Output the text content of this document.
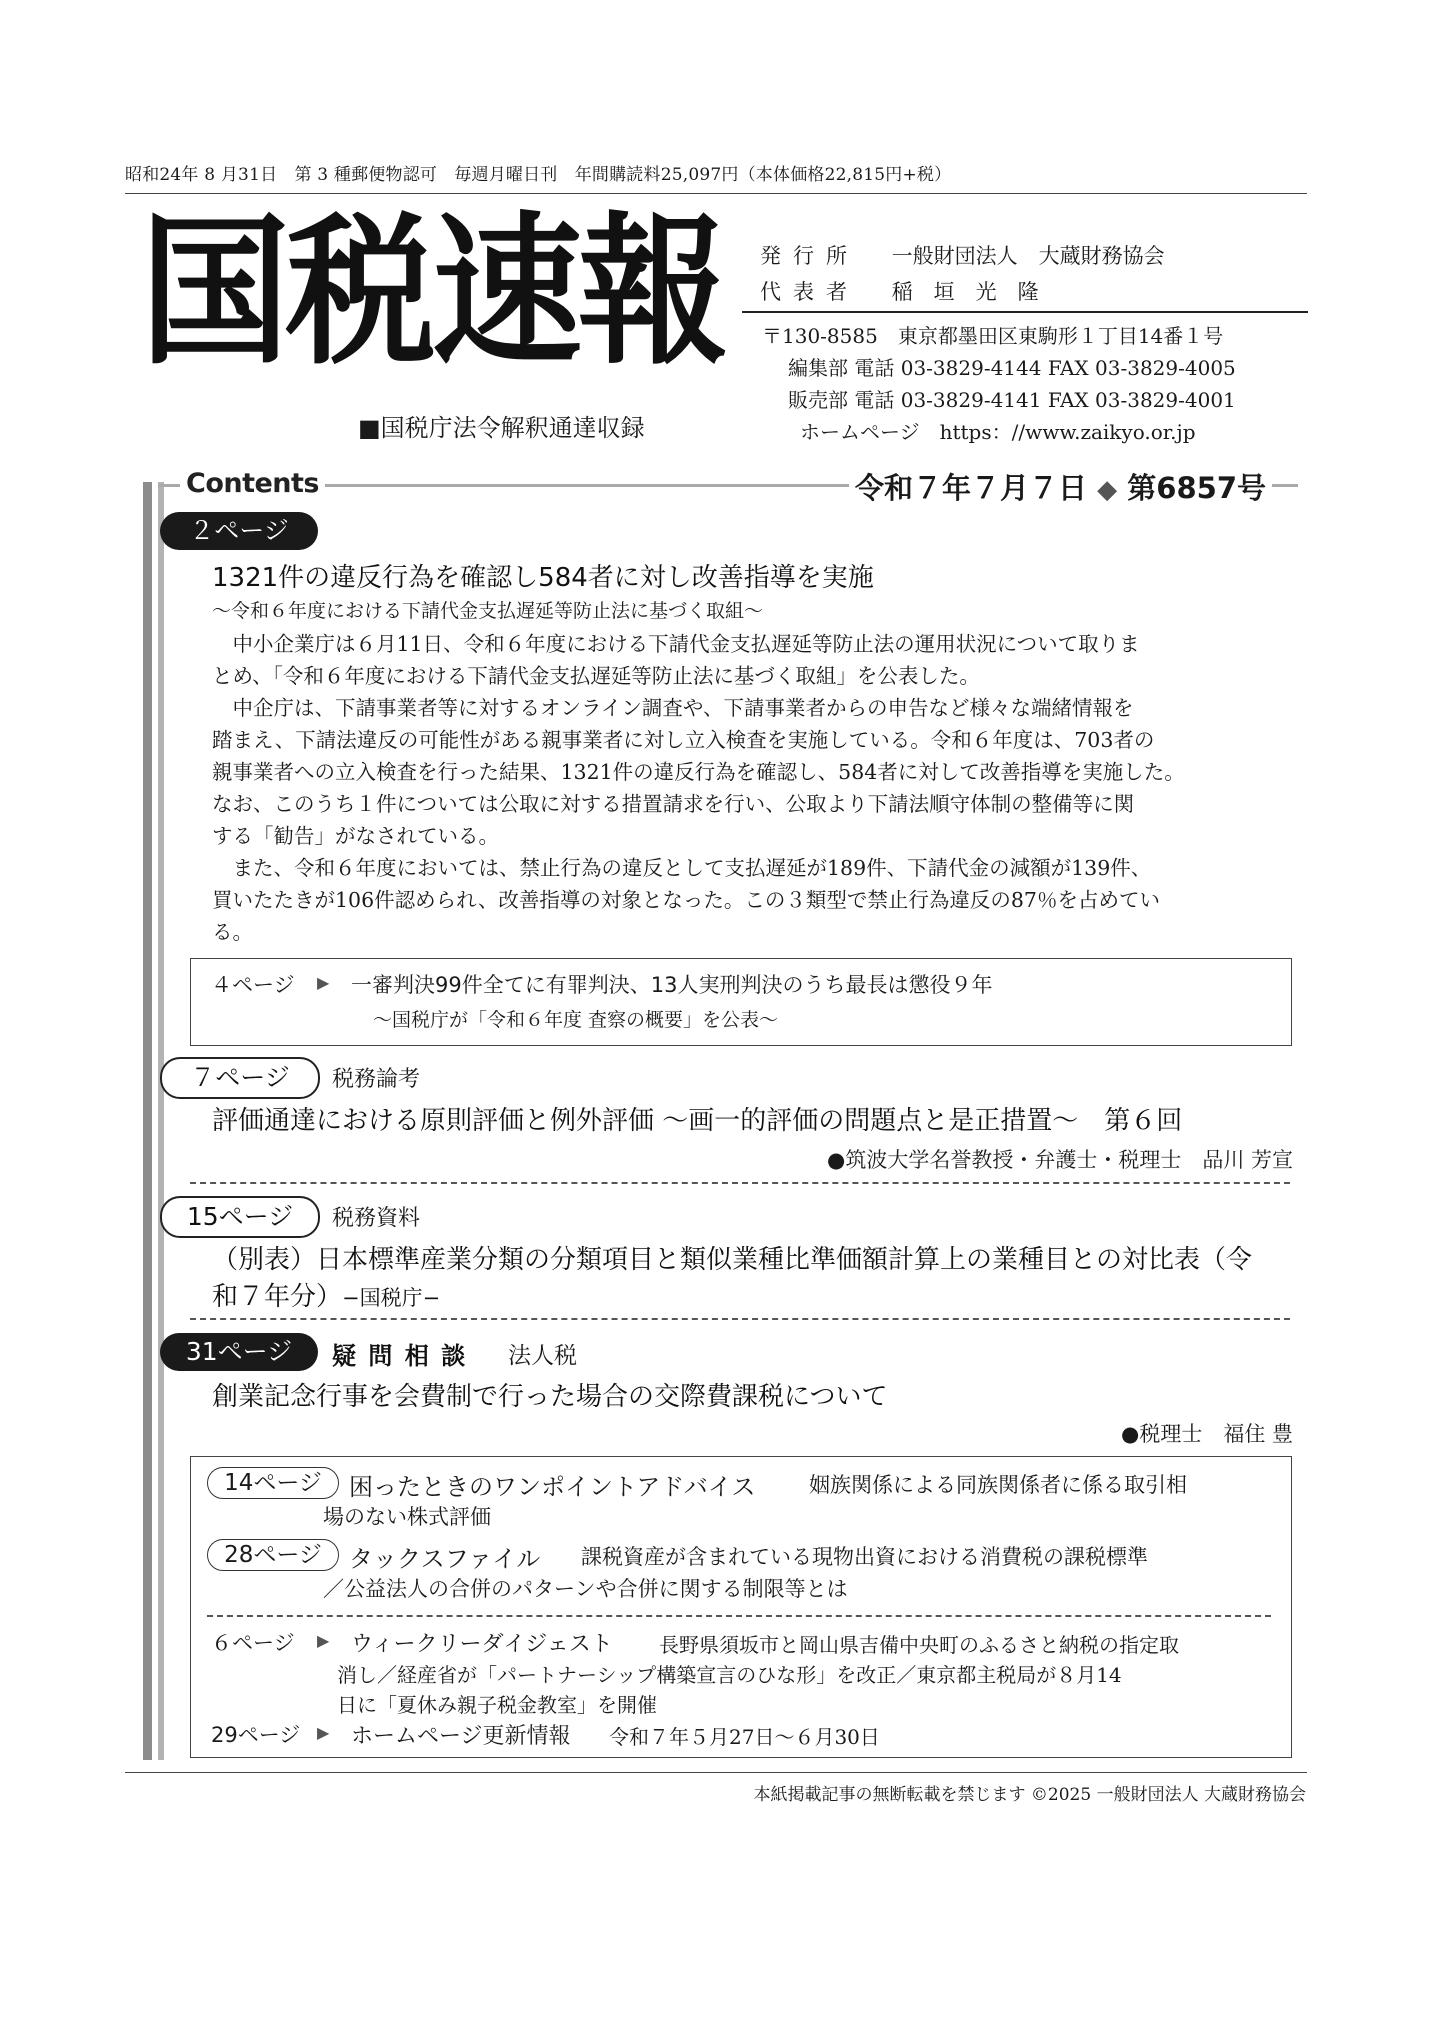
昭和24年 8 月31日　第 3 種郵便物認可　毎週月曜日刊　年間購読料25,097円（本体価格22,815円+税）
国税速報
■国税庁法令解釈通達収録
発行所 一般財団法人　大蔵財務協会
代表者 稲　垣　光　隆
〒130-8585　東京都墨田区東駒形１丁目14番１号
編集部 電話 03-3829-4144 FAX 03-3829-4005
販売部 電話 03-3829-4141 FAX 03-3829-4001
ホームページ　https：//www.zaikyo.or.jp
Contents	令和７年７月７日 ◆ 第6857号
２ページ
1321件の違反行為を確認し584者に対し改善指導を実施
〜令和６年度における下請代金支払遅延等防止法に基づく取組〜

　中小企業庁は６月11日、令和６年度における下請代金支払遅延等防止法の運用状況について取りま

とめ、「令和６年度における下請代金支払遅延等防止法に基づく取組」を公表した。

　中企庁は、下請事業者等に対するオンライン調査や、下請事業者からの申告など様々な端緒情報を

踏まえ、下請法違反の可能性がある親事業者に対し立入検査を実施している。令和６年度は、703者の

親事業者への立入検査を行った結果、1321件の違反行為を確認し、584者に対して改善指導を実施した。

なお、このうち１件については公取に対する措置請求を行い、公取より下請法順守体制の整備等に関

する「勧告」がなされている。

　また、令和６年度においては、禁止行為の違反として支払遅延が189件、下請代金の減額が139件、

買いたたきが106件認められ、改善指導の対象となった。この３類型で禁止行為違反の87％を占めてい

る。

４ページ ▶ 一審判決99件全てに有罪判決、13人実刑判決のうち最長は懲役９年
〜国税庁が「令和６年度 査察の概要」を公表〜
７ページ	税務論考
評価通達における原則評価と例外評価 〜画一的評価の問題点と是正措置〜　第６回
●筑波大学名誉教授・弁護士・税理士　品川 芳宣
15ページ	税務資料
（別表）日本標準産業分類の分類項目と類似業種比準価額計算上の業種目との対比表（令
和７年分）−国税庁−
31ページ	疑 問 相 談 法人税
創業記念行事を会費制で行った場合の交際費課税について
●税理士　福住 豊
14ページ	困ったときのワンポイントアドバイス	姻族関係による同族関係者に係る取引相
場のない株式評価
28ページ	タックスファイル 課税資産が含まれている現物出資における消費税の課税標準
／公益法人の合併のパターンや合併に関する制限等とは
６ページ ▶ ウィークリーダイジェスト 長野県須坂市と岡山県吉備中央町のふるさと納税の指定取
消し／経産省が「パートナーシップ構築宣言のひな形」を改正／東京都主税局が８月14
日に「夏休み親子税金教室」を開催
29ページ ▶ ホームページ更新情報 令和７年５月27日〜６月30日
本紙掲載記事の無断転載を禁じます ©2025 一般財団法人 大蔵財務協会
